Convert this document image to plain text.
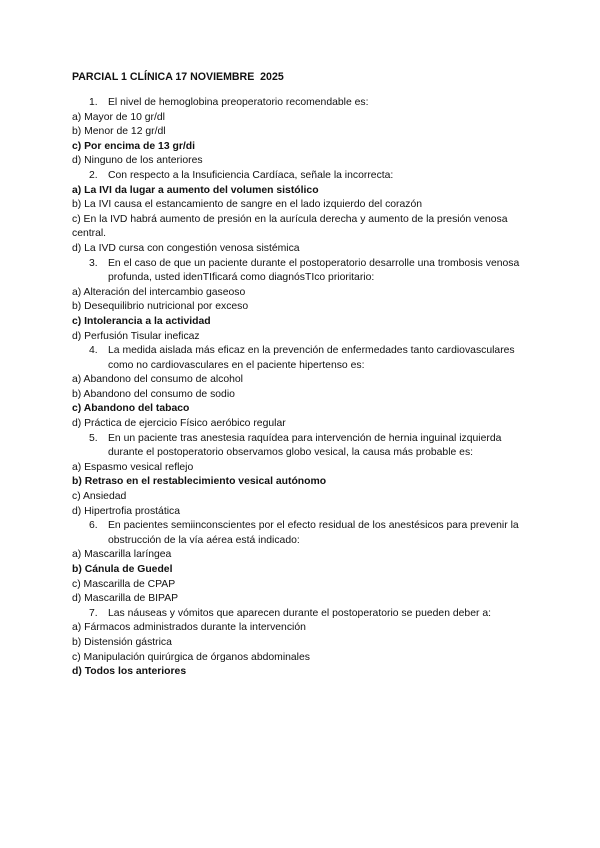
PARCIAL 1 CLÍNICA 17 NOVIEMBRE  2025
1. El nivel de hemoglobina preoperatorio recomendable es:
a) Mayor de 10 gr/dl
b) Menor de 12 gr/dl
c) Por encima de 13 gr/di
d) Ninguno de los anteriores
2. Con respecto a la Insuficiencia Cardíaca, señale la incorrecta:
a) La IVI da lugar a aumento del volumen sistólico
b) La IVI causa el estancamiento de sangre en el lado izquierdo del corazón
c) En la IVD habrá aumento de presión en la aurícula derecha y aumento de la presión venosa central.
d) La IVD cursa con congestión venosa sistémica
3. En el caso de que un paciente durante el postoperatorio desarrolle una trombosis venosa profunda, usted idenTIficará como diagnósTIco prioritario:
a) Alteración del intercambio gaseoso
b) Desequilibrio nutricional por exceso
c) Intolerancia a la actividad
d) Perfusión Tisular ineficaz
4. La medida aislada más eficaz en la prevención de enfermedades tanto cardiovasculares como no cardiovasculares en el paciente hipertenso es:
a) Abandono del consumo de alcohol
b) Abandono del consumo de sodio
c) Abandono del tabaco
d) Práctica de ejercicio Físico aeróbico regular
5. En un paciente tras anestesia raquídea para intervención de hernia inguinal izquierda durante el postoperatorio observamos globo vesical, la causa más probable es:
a) Espasmo vesical reflejo
b) Retraso en el restablecimiento vesical autónomo
c) Ansiedad
d) Hipertrofia prostática
6. En pacientes semiinconscientes por el efecto residual de los anestésicos para prevenir la obstrucción de la vía aérea está indicado:
a) Mascarilla laríngea
b) Cánula de Guedel
c) Mascarilla de CPAP
d) Mascarilla de BIPAP
7. Las náuseas y vómitos que aparecen durante el postoperatorio se pueden deber a:
a) Fármacos administrados durante la intervención
b) Distensión gástrica
c) Manipulación quirúrgica de órganos abdominales
d) Todos los anteriores
